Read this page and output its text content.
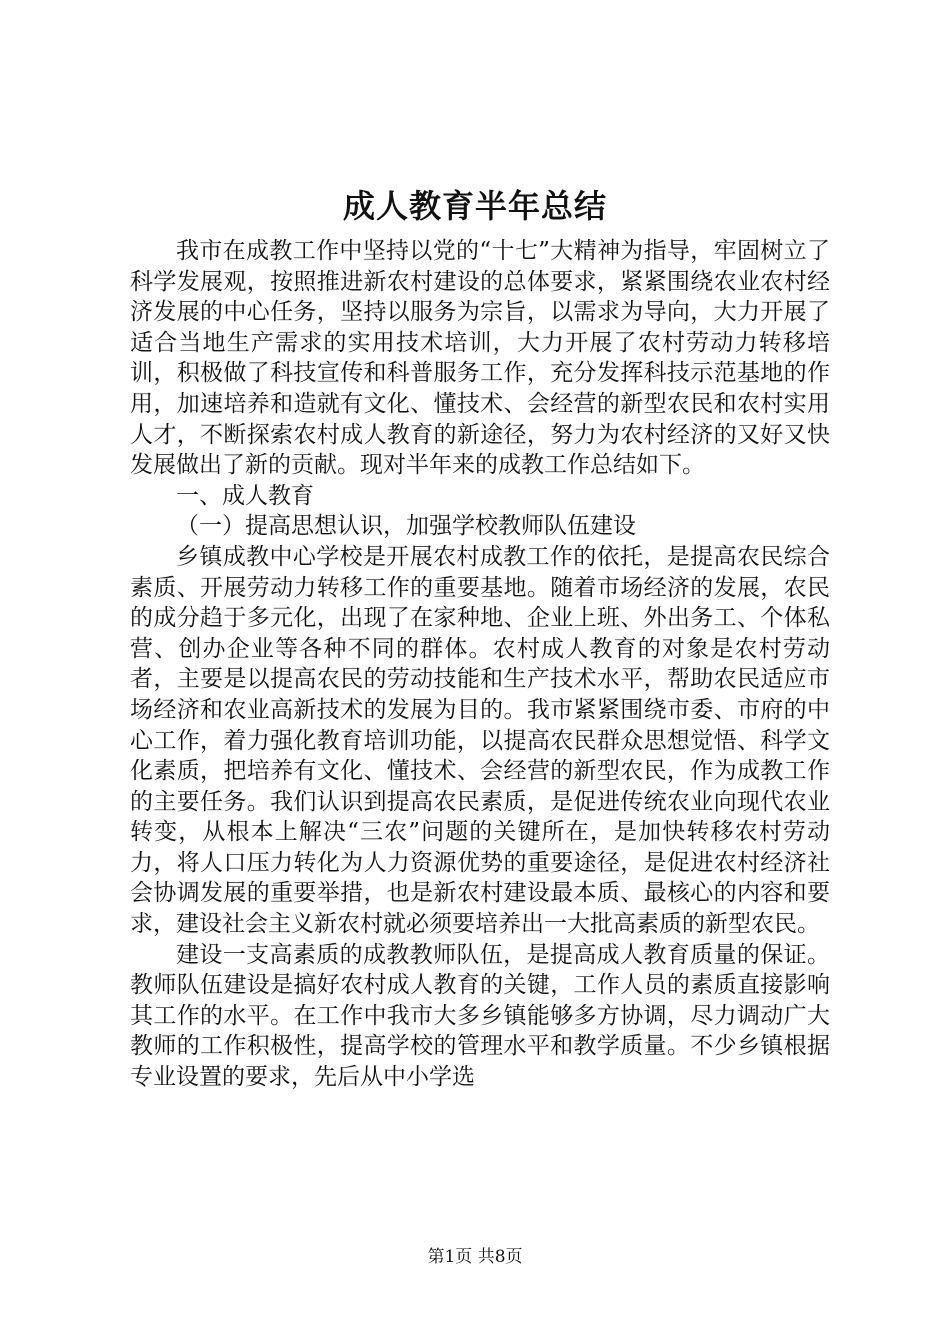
成人教育半年总结

我市在成教工作中坚持以党的“十七”大精神为指导，牢固树立了科学发展观，按照推进新农村建设的总体要求，紧紧围绕农业农村经济发展的中心任务，坚持以服务为宗旨，以需求为导向，大力开展了适合当地生产需求的实用技术培训，大力开展了农村劳动力转移培训，积极做了科技宣传和科普服务工作，充分发挥科技示范基地的作用，加速培养和造就有文化、懂技术、会经营的新型农民和农村实用人才，不断探索农村成人教育的新途径，努力为农村经济的又好又快发展做出了新的贡献。现对半年来的成教工作总结如下。

一、成人教育

（一）提高思想认识，加强学校教师队伍建设

乡镇成教中心学校是开展农村成教工作的依托，是提高农民综合素质、开展劳动力转移工作的重要基地。随着市场经济的发展，农民的成分趋于多元化，出现了在家种地、企业上班、外出务工、个体私营、创办企业等各种不同的群体。农村成人教育的对象是农村劳动者，主要是以提高农民的劳动技能和生产技术水平，帮助农民适应市场经济和农业高新技术的发展为目的。我市紧紧围绕市委、市府的中心工作，着力强化教育培训功能，以提高农民群众思想觉悟、科学文化素质，把培养有文化、懂技术、会经营的新型农民，作为成教工作的主要任务。我们认识到提高农民素质，是促进传统农业向现代农业转变，从根本上解决“三农”问题的关键所在，是加快转移农村劳动力，将人口压力转化为人力资源优势的重要途径，是促进农村经济社会协调发展的重要举措，也是新农村建设最本质、最核心的内容和要求，建设社会主义新农村就必须要培养出一大批高素质的新型农民。

建设一支高素质的成教教师队伍，是提高成人教育质量的保证。教师队伍建设是搞好农村成人教育的关键，工作人员的素质直接影响其工作的水平。在工作中我市大多乡镇能够多方协调，尽力调动广大教师的工作积极性，提高学校的管理水平和教学质量。不少乡镇根据专业设置的要求，先后从中小学选

第1页 共8页
